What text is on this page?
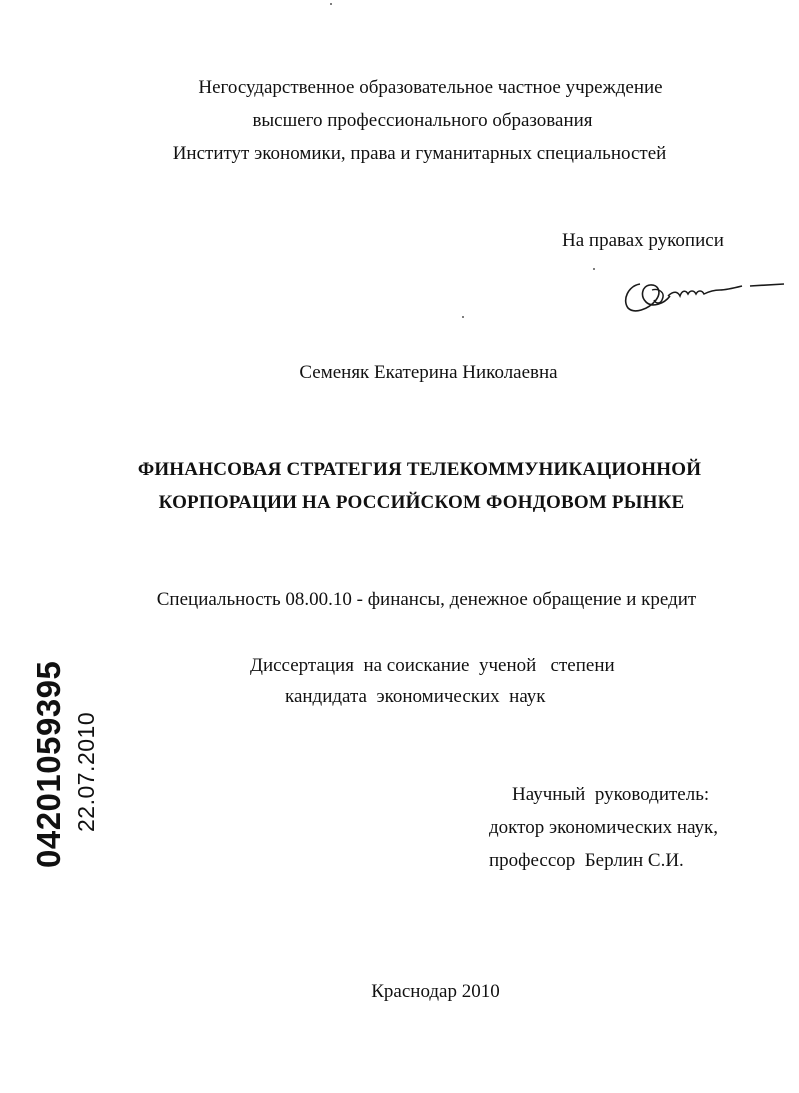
Негосударственное образовательное частное учреждение
высшего профессионального образования
Институт экономики, права и гуманитарных специальностей
На правах рукописи
Семеняк Екатерина Николаевна
ФИНАНСОВАЯ СТРАТЕГИЯ ТЕЛЕКОММУНИКАЦИОННОЙ
КОРПОРАЦИИ НА РОССИЙСКОМ ФОНДОВОМ РЫНКЕ
Специальность 08.00.10 - финансы, денежное обращение и кредит
Диссертация  на соискание  ученой   степени
кандидата  экономических  наук
Научный  руководитель:
доктор экономических наук,
профессор  Берлин С.И.
Краснодар 2010
04201059395 22.07.2010
